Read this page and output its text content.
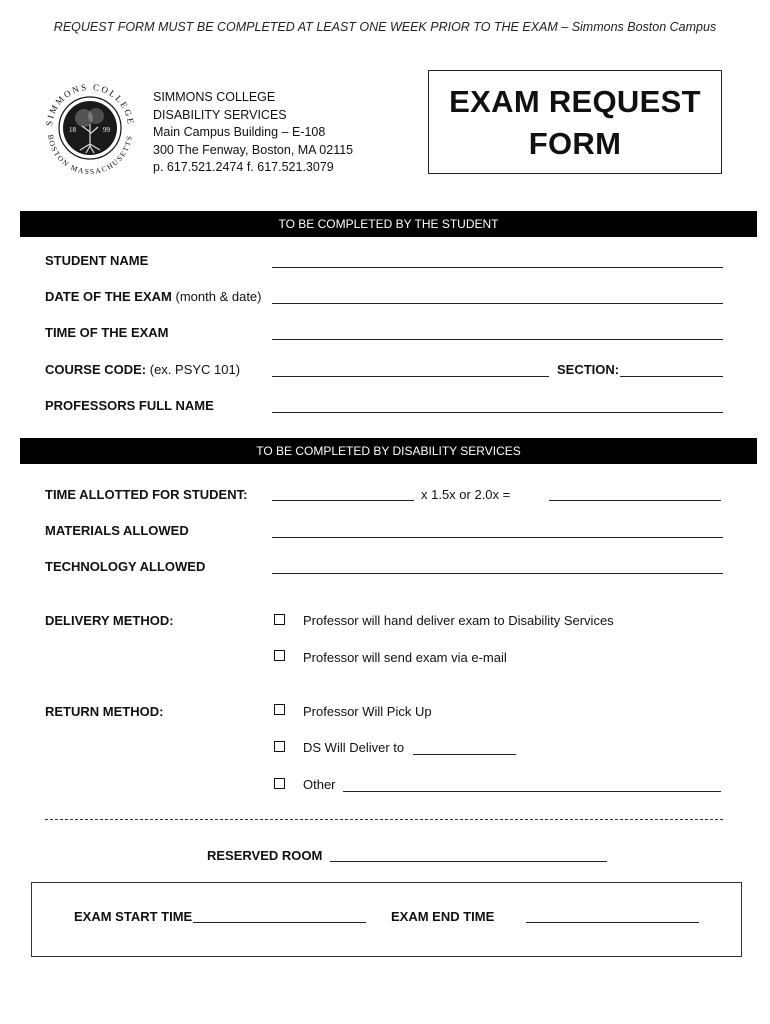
REQUEST FORM MUST BE COMPLETED AT LEAST ONE WEEK PRIOR TO THE EXAM – Simmons Boston Campus
18	99
SIMMONS COLLEGE
BOSTON MASSACHUSETTS
SIMMONS COLLEGE
DISABILITY SERVICES
Main Campus Building – E-108
300 The Fenway, Boston, MA 02115
p. 617.521.2474 f. 617.521.3079
EXAM REQUEST
FORM
TO BE COMPLETED BY THE STUDENT
STUDENT NAME
DATE OF THE EXAM (month & date)
TIME OF THE EXAM
COURSE CODE: (ex. PSYC 101)	SECTION:
PROFESSORS FULL NAME
TO BE COMPLETED BY DISABILITY SERVICES
TIME ALLOTTED FOR STUDENT:	x 1.5x or 2.0x =
MATERIALS ALLOWED
TECHNOLOGY ALLOWED
DELIVERY METHOD:	Professor will hand deliver exam to Disability Services
Professor will send exam via e-mail
RETURN METHOD:	Professor Will Pick Up
DS Will Deliver to
Other
RESERVED ROOM
EXAM START TIME	EXAM END TIME
